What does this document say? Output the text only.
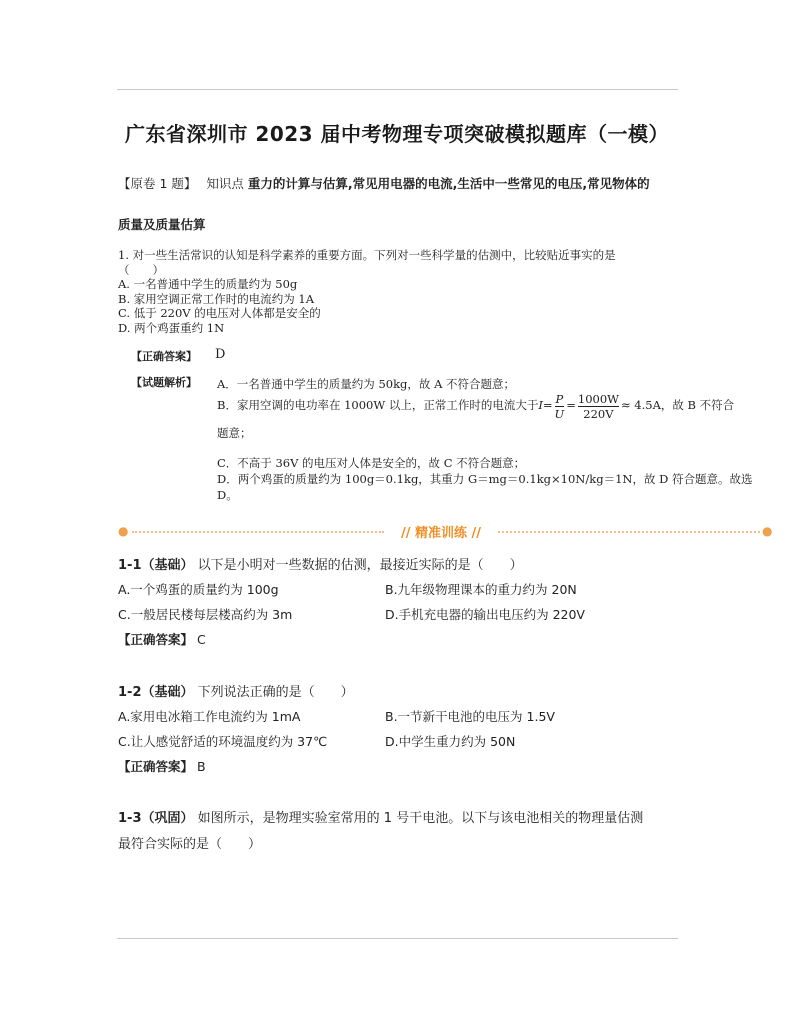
广东省深圳市 2023 届中考物理专项突破模拟题库（一模）
【原卷 1 题】 知识点 重力的计算与估算,常见用电器的电流,生活中一些常见的电压,常见物体的
质量及质量估算
1. 对一些生活常识的认知是科学素养的重要方面。下列对一些科学量的估测中，比较贴近事实的是
（　　）
A. 一名普通中学生的质量约为 50g
B. 家用空调正常工作时的电流约为 1A
C. 低于 220V 的电压对人体都是安全的
D. 两个鸡蛋重约 1N
【正确答案】 D
【试题解析】 A．一名普通中学生的质量约为 50kg，故 A 不符合题意；
B．家用空调的电功率在 1000W 以上，正常工作时的电流大于$I= \frac{P}{U} = \frac{1000W}{220V} \approx 4.5A$，故 B 不符合
题意；
C．不高于 36V 的电压对人体是安全的，故 C 不符合题意；
D．两个鸡蛋的质量约为 100g＝0.1kg，其重力 G＝mg＝0.1kg×10N/kg＝1N，故 D 符合题意。故选
D。
●	// 精准训练 //	●
1-1（基础） 以下是小明对一些数据的估测，最接近实际的是（　　）
A.一个鸡蛋的质量约为 100g	B.九年级物理课本的重力约为 20N
C.一般居民楼每层楼高约为 3m	D.手机充电器的输出电压约为 220V
【正确答案】 C
1-2（基础） 下列说法正确的是（　　）
A.家用电冰箱工作电流约为 1mA	B.一节新干电池的电压为 1.5V
C.让人感觉舒适的环境温度约为 37℃	D.中学生重力约为 50N
【正确答案】 B
1-3（巩固） 如图所示，是物理实验室常用的 1 号干电池。以下与该电池相关的物理量估测
最符合实际的是（　　）
